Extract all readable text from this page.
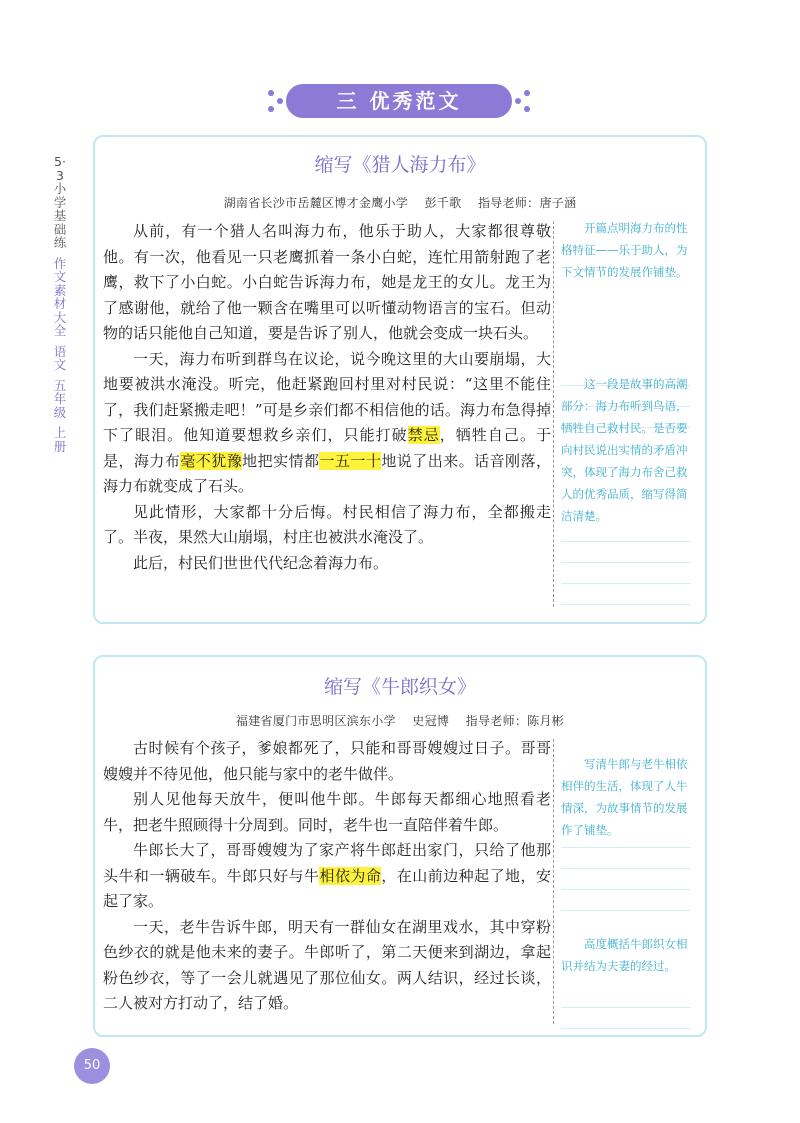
5·3小学基础练
作文素材大全
语文
五年级
上册
三 优秀范文
缩写《猎人海力布》
湖南省长沙市岳麓区博才金鹰小学 彭千歌 指导老师：唐子涵

从前，有一个猎人名叫海力布，他乐于助人，大家都很尊敬他。有一次，他看见一只老鹰抓着一条小白蛇，连忙用箭射跑了老鹰，救下了小白蛇。小白蛇告诉海力布，她是龙王的女儿。龙王为了感谢他，就给了他一颗含在嘴里可以听懂动物语言的宝石。但动物的话只能他自己知道，要是告诉了别人，他就会变成一块石头。

一天，海力布听到群鸟在议论，说今晚这里的大山要崩塌，大地要被洪水淹没。听完，他赶紧跑回村里对村民说：“这里不能住了，我们赶紧搬走吧！”可是乡亲们都不相信他的话。海力布急得掉下了眼泪。他知道要想救乡亲们，只能打破禁忌，牺牲自己。于是，海力布毫不犹豫地把实情都一五一十地说了出来。话音刚落，海力布就变成了石头。

见此情形，大家都十分后悔。村民相信了海力布，全都搬走了。半夜，果然大山崩塌，村庄也被洪水淹没了。

此后，村民们世世代代纪念着海力布。

开篇点明海力布的性格特征——乐于助人，为下文情节的发展作铺垫。

这一段是故事的高潮部分：海力布听到鸟语，牺牲自己救村民。是否要向村民说出实情的矛盾冲突，体现了海力布舍己救人的优秀品质，缩写得简洁清楚。

缩写《牛郎织女》
福建省厦门市思明区滨东小学 史冠博 指导老师：陈月彬

古时候有个孩子，爹娘都死了，只能和哥哥嫂嫂过日子。哥哥嫂嫂并不待见他，他只能与家中的老牛做伴。

别人见他每天放牛，便叫他牛郎。牛郎每天都细心地照看老牛，把老牛照顾得十分周到。同时，老牛也一直陪伴着牛郎。

牛郎长大了，哥哥嫂嫂为了家产将牛郎赶出家门，只给了他那头牛和一辆破车。牛郎只好与牛相依为命，在山前边种起了地，安起了家。

一天，老牛告诉牛郎，明天有一群仙女在湖里戏水，其中穿粉色纱衣的就是他未来的妻子。牛郎听了，第二天便来到湖边，拿起粉色纱衣，等了一会儿就遇见了那位仙女。两人结识，经过长谈，二人被对方打动了，结了婚。

写清牛郎与老牛相依相伴的生活，体现了人牛情深，为故事情节的发展作了铺垫。

高度概括牛郎织女相识并结为夫妻的经过。

50
